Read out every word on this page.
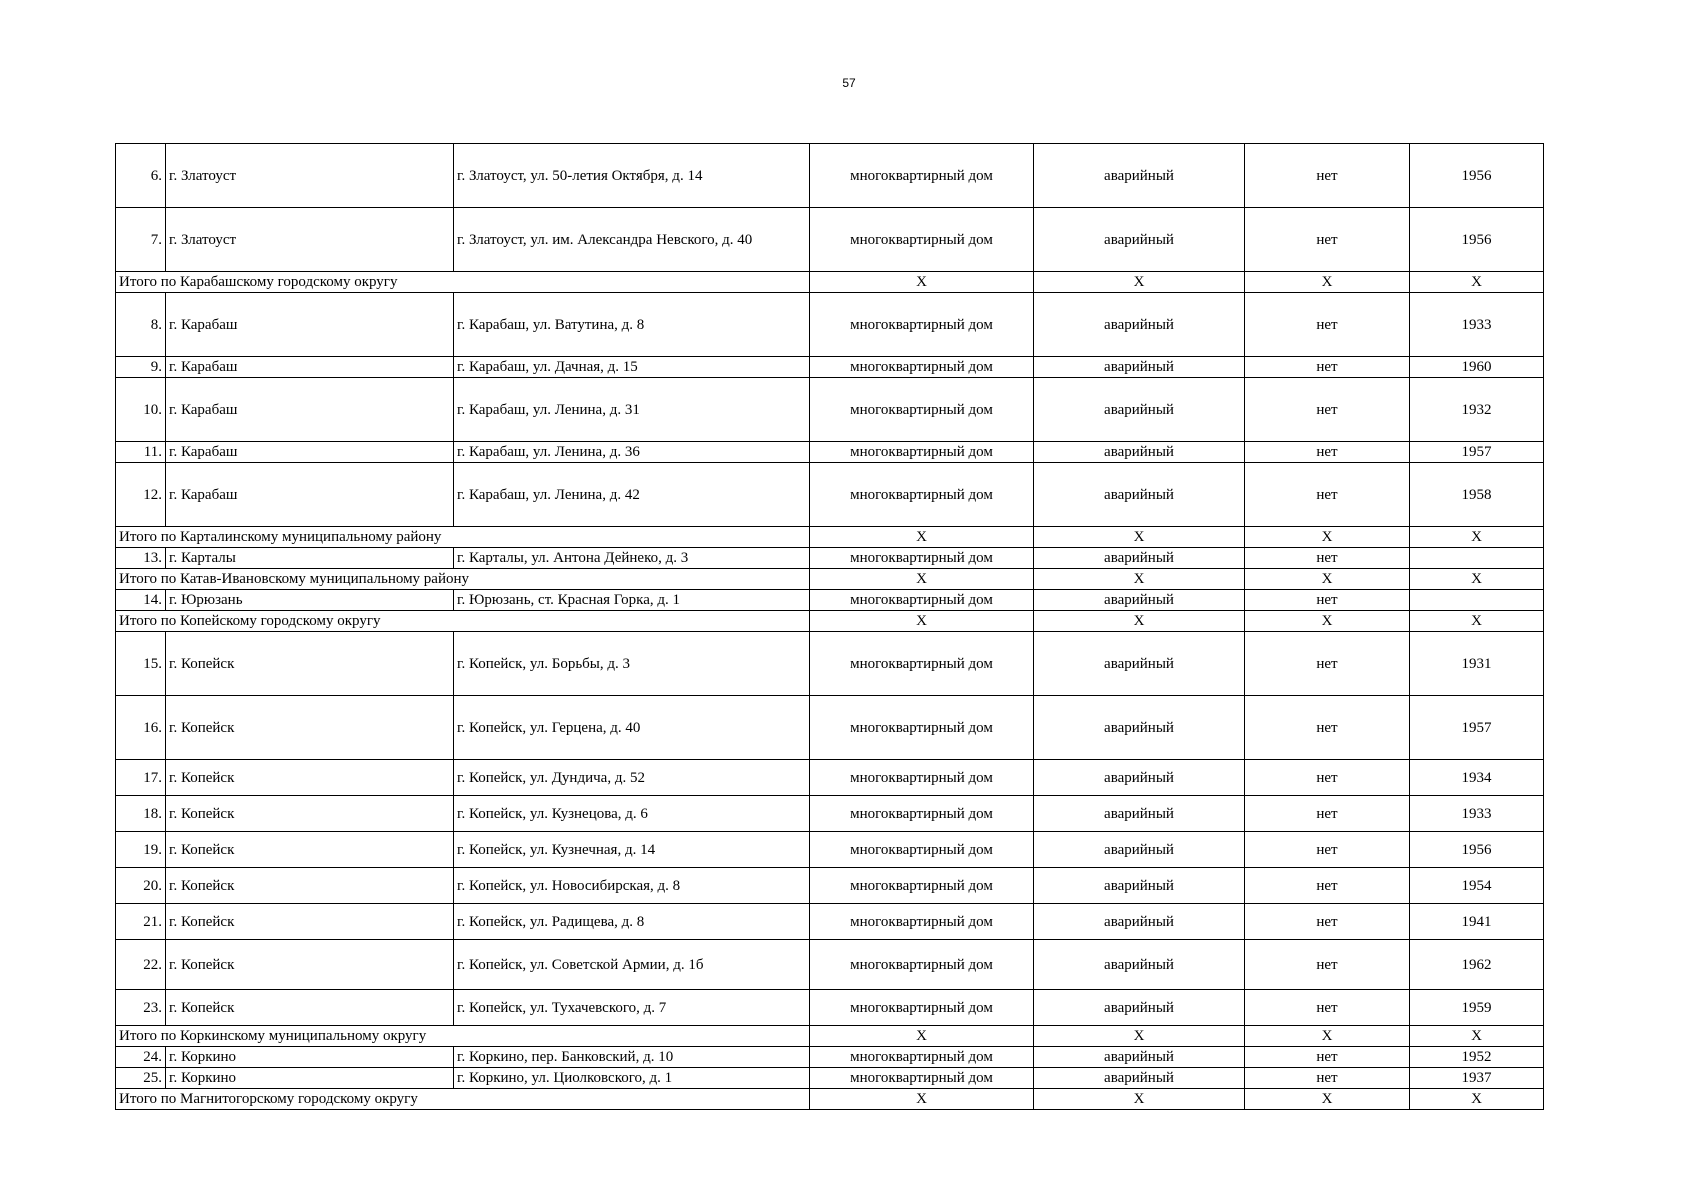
57
6.	г. Златоуст	г. Златоуст, ул. 50-летия Октября, д. 14	многоквартирный дом	аварийный	нет	1956
7.	г. Златоуст	г. Златоуст, ул. им. Александра Невского, д. 40	многоквартирный дом	аварийный	нет	1956
Итого по Карабашскому городскому округу			X	X	X	X
8.	г. Карабаш	г. Карабаш, ул. Ватутина, д. 8	многоквартирный дом	аварийный	нет	1933
9.	г. Карабаш	г. Карабаш, ул. Дачная, д. 15	многоквартирный дом	аварийный	нет	1960
10.	г. Карабаш	г. Карабаш, ул. Ленина, д. 31	многоквартирный дом	аварийный	нет	1932
11.	г. Карабаш	г. Карабаш, ул. Ленина, д. 36	многоквартирный дом	аварийный	нет	1957
12.	г. Карабаш	г. Карабаш, ул. Ленина, д. 42	многоквартирный дом	аварийный	нет	1958
Итого по Карталинскому муниципальному району			X	X	X	X
13.	г. Карталы	г. Карталы, ул. Антона Дейнеко, д. 3	многоквартирный дом	аварийный	нет	
Итого по Катав-Ивановскому муниципальному району			X	X	X	X
14.	г. Юрюзань	г. Юрюзань, ст. Красная Горка, д. 1	многоквартирный дом	аварийный	нет	
Итого по Копейскому городскому округу			X	X	X	X
15.	г. Копейск	г. Копейск, ул. Борьбы, д. 3	многоквартирный дом	аварийный	нет	1931
16.	г. Копейск	г. Копейск, ул. Герцена, д. 40	многоквартирный дом	аварийный	нет	1957
17.	г. Копейск	г. Копейск, ул. Дундича, д. 52	многоквартирный дом	аварийный	нет	1934
18.	г. Копейск	г. Копейск, ул. Кузнецова, д. 6	многоквартирный дом	аварийный	нет	1933
19.	г. Копейск	г. Копейск, ул. Кузнечная, д. 14	многоквартирный дом	аварийный	нет	1956
20.	г. Копейск	г. Копейск, ул. Новосибирская, д. 8	многоквартирный дом	аварийный	нет	1954
21.	г. Копейск	г. Копейск, ул. Радищева, д. 8	многоквартирный дом	аварийный	нет	1941
22.	г. Копейск	г. Копейск, ул. Советской Армии, д. 1б	многоквартирный дом	аварийный	нет	1962
23.	г. Копейск	г. Копейск, ул. Тухачевского, д. 7	многоквартирный дом	аварийный	нет	1959
Итого по Коркинскому муниципальному округу			X	X	X	X
24.	г. Коркино	г. Коркино, пер. Банковский, д. 10	многоквартирный дом	аварийный	нет	1952
25.	г. Коркино	г. Коркино, ул. Циолковского, д. 1	многоквартирный дом	аварийный	нет	1937
Итого по Магнитогорскому городскому округу			X	X	X	X
